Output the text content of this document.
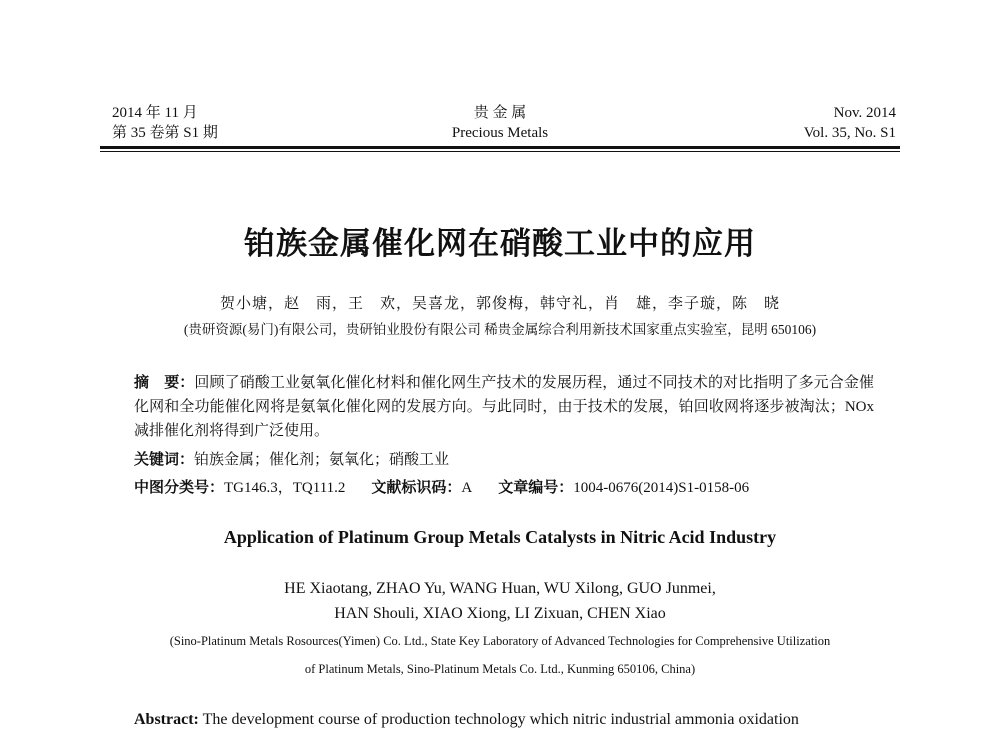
2014 年 11 月
第 35 卷第 S1 期
贵 金 属
Precious Metals
Nov. 2014
Vol. 35, No. S1
铂族金属催化网在硝酸工业中的应用
贺小塘，赵　雨，王　欢，吴喜龙，郭俊梅，韩守礼，肖　雄，李子璇，陈　晓
(贵研资源(易门)有限公司，贵研铂业股份有限公司 稀贵金属综合利用新技术国家重点实验室，昆明 650106)
摘　要：回顾了硝酸工业氨氧化催化材料和催化网生产技术的发展历程，通过不同技术的对比指明了多元合金催化网和全功能催化网将是氨氧化催化网的发展方向。与此同时，由于技术的发展，铂回收网将逐步被淘汰；NOx减排催化剂将得到广泛使用。
关键词：铂族金属；催化剂；氨氧化；硝酸工业
中图分类号：TG146.3，TQ111.2 文献标识码：A 文章编号：1004-0676(2014)S1-0158-06
Application of Platinum Group Metals Catalysts in Nitric Acid Industry
HE Xiaotang, ZHAO Yu, WANG Huan, WU Xilong, GUO Junmei,
HAN Shouli, XIAO Xiong, LI Zixuan, CHEN Xiao
(Sino-Platinum Metals Rosources(Yimen) Co. Ltd., State Key Laboratory of Advanced Technologies for Comprehensive Utilization
of Platinum Metals, Sino-Platinum Metals Co. Ltd., Kunming 650106, China)
Abstract: The development course of production technology which nitric industrial ammonia oxidation
